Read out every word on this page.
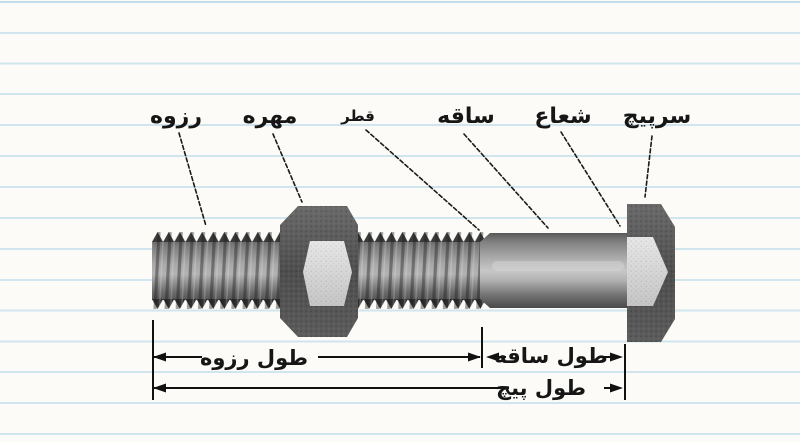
رزوه مهره	قطر	ساقه شعاع سرپیچ
طول رزوه	طول ساقه
طول پیچ
